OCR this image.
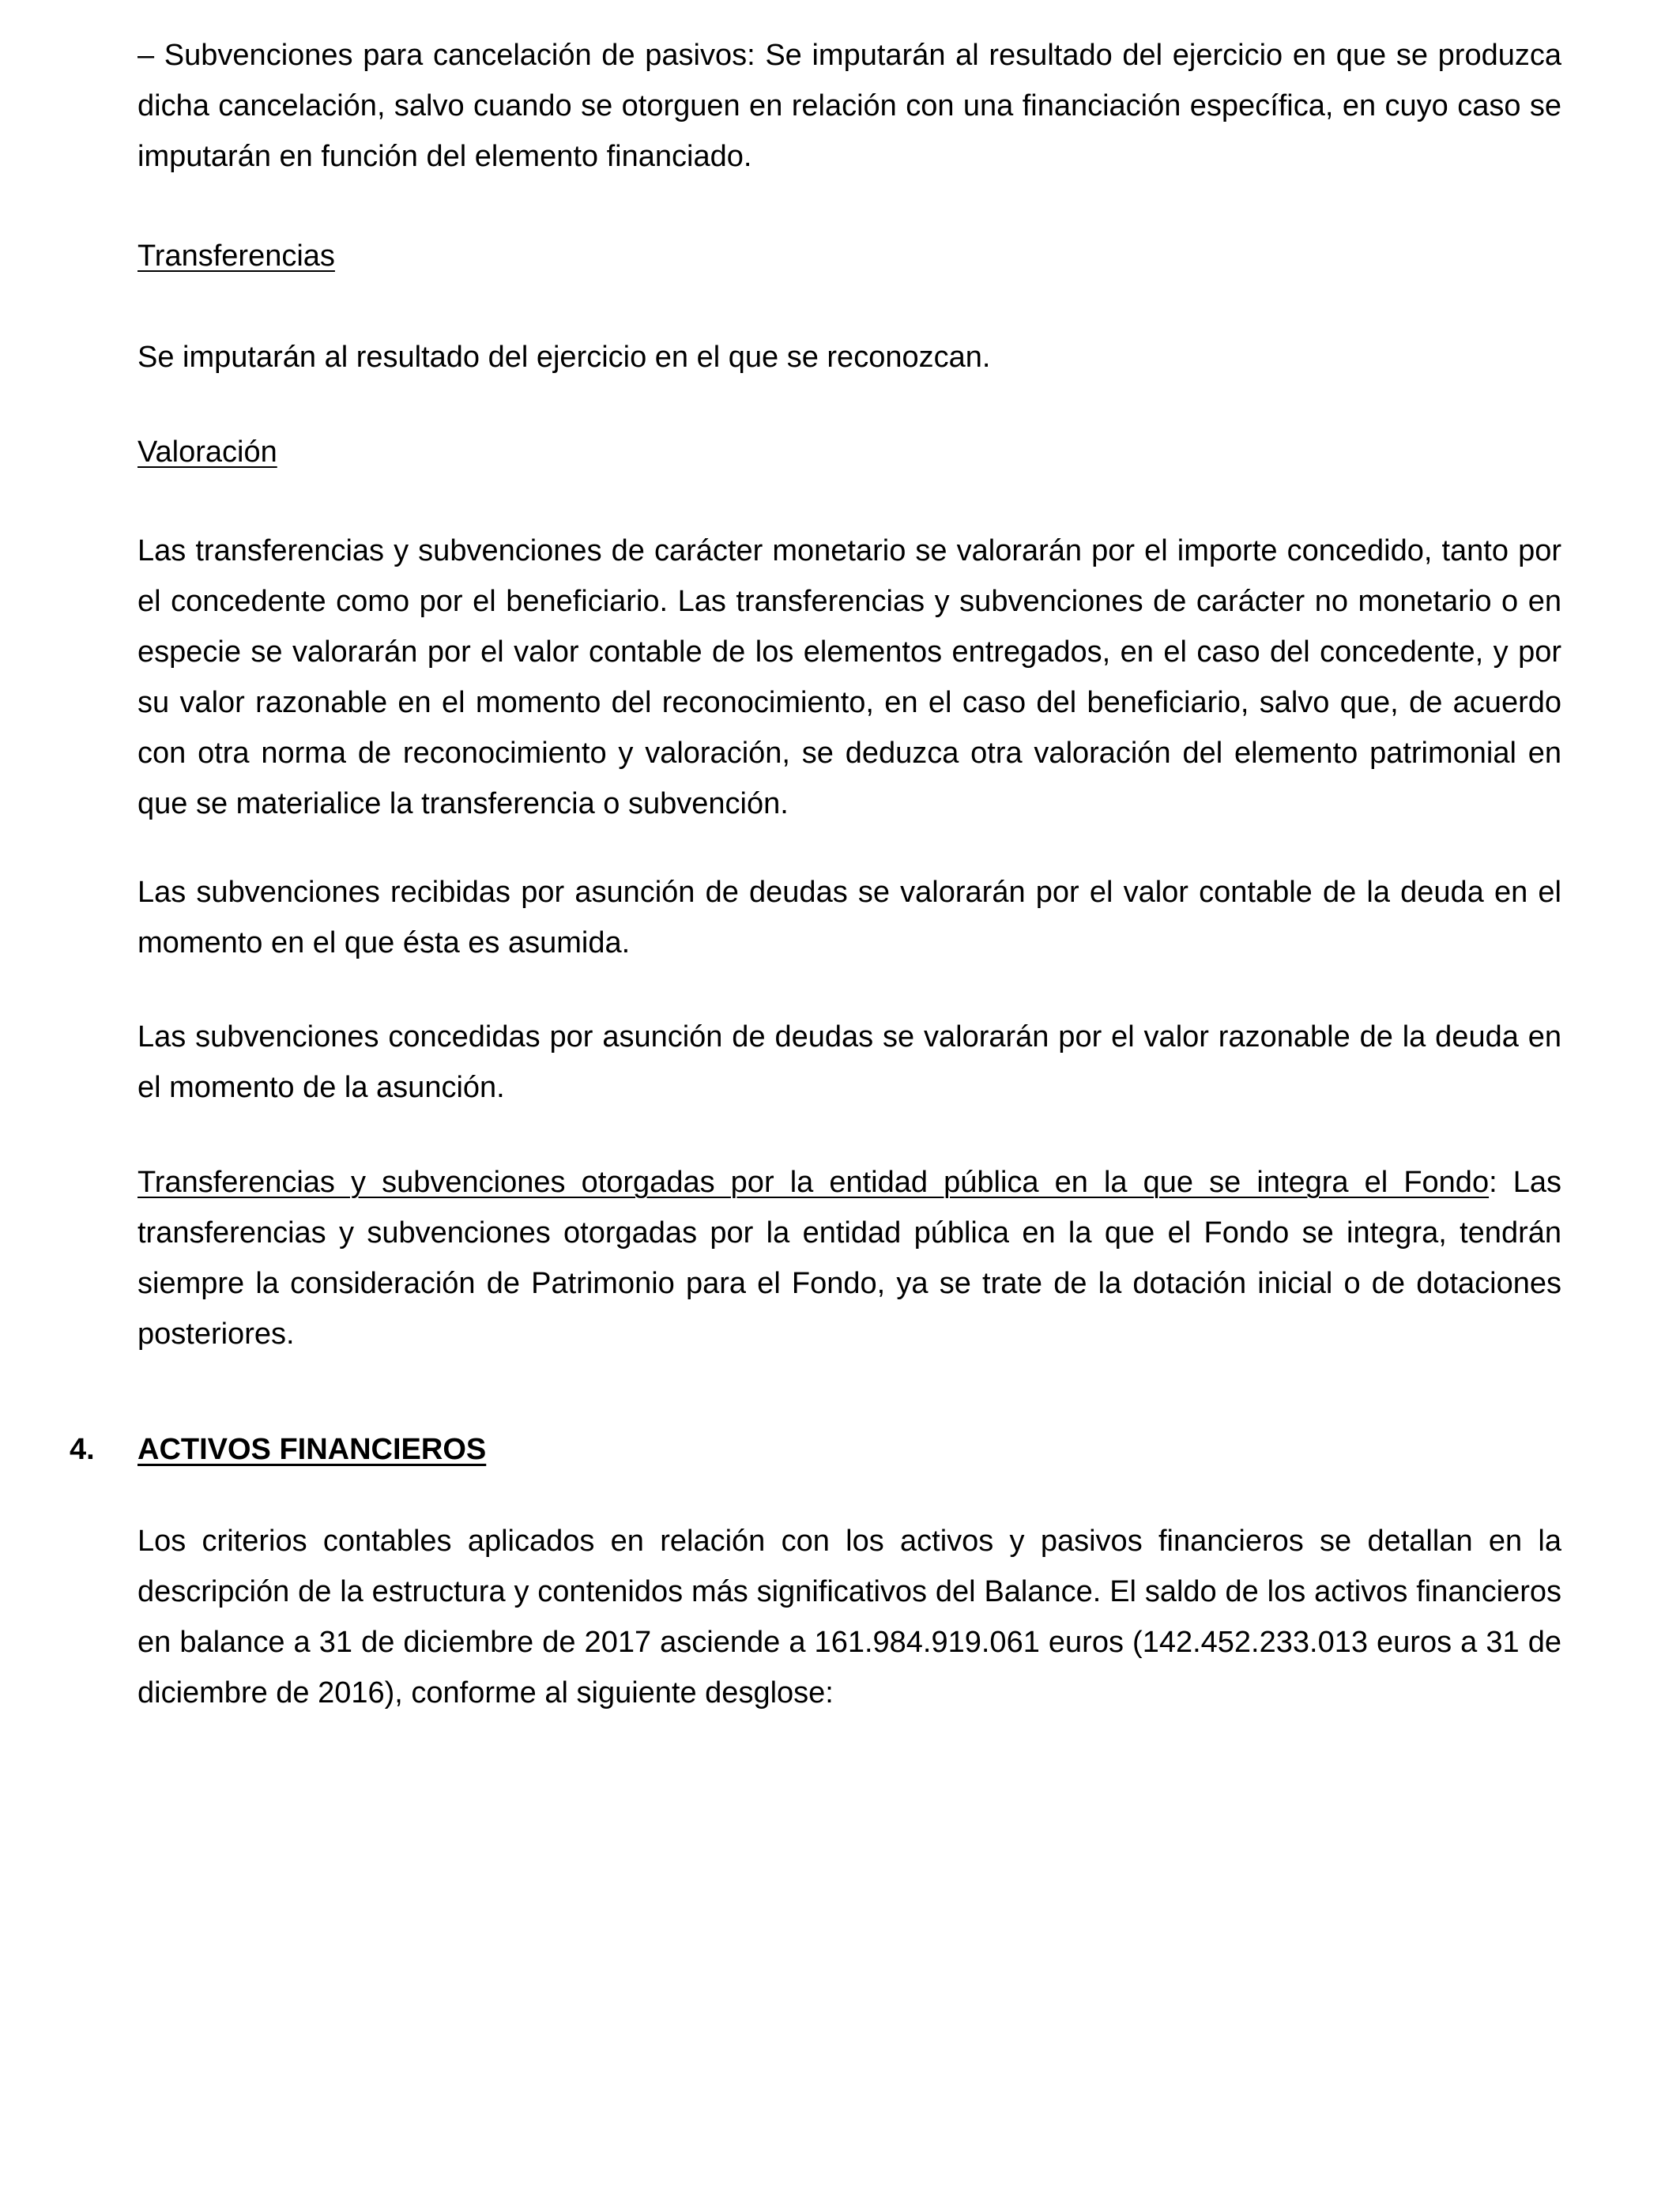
– Subvenciones para cancelación de pasivos: Se imputarán al resultado del ejercicio en que se produzca dicha cancelación, salvo cuando se otorguen en relación con una financiación específica, en cuyo caso se imputarán en función del elemento financiado.

Transferencias

Se imputarán al resultado del ejercicio en el que se reconozcan.

Valoración

Las transferencias y subvenciones de carácter monetario se valorarán por el importe concedido, tanto por el concedente como por el beneficiario. Las transferencias y subvenciones de carácter no monetario o en especie se valorarán por el valor contable de los elementos entregados, en el caso del concedente, y por su valor razonable en el momento del reconocimiento, en el caso del beneficiario, salvo que, de acuerdo con otra norma de reconocimiento y valoración, se deduzca otra valoración del elemento patrimonial en que se materialice la transferencia o subvención.

Las subvenciones recibidas por asunción de deudas se valorarán por el valor contable de la deuda en el momento en el que ésta es asumida.

Las subvenciones concedidas por asunción de deudas se valorarán por el valor razonable de la deuda en el momento de la asunción.

Transferencias y subvenciones otorgadas por la entidad pública en la que se integra el Fondo: Las transferencias y subvenciones otorgadas por la entidad pública en la que el Fondo se integra, tendrán siempre la consideración de Patrimonio para el Fondo, ya se trate de la dotación inicial o de dotaciones posteriores.

4. ACTIVOS FINANCIEROS

Los criterios contables aplicados en relación con los activos y pasivos financieros se detallan en la descripción de la estructura y contenidos más significativos del Balance. El saldo de los activos financieros en balance a 31 de diciembre de 2017 asciende a 161.984.919.061 euros (142.452.233.013 euros a 31 de diciembre de 2016), conforme al siguiente desglose:
